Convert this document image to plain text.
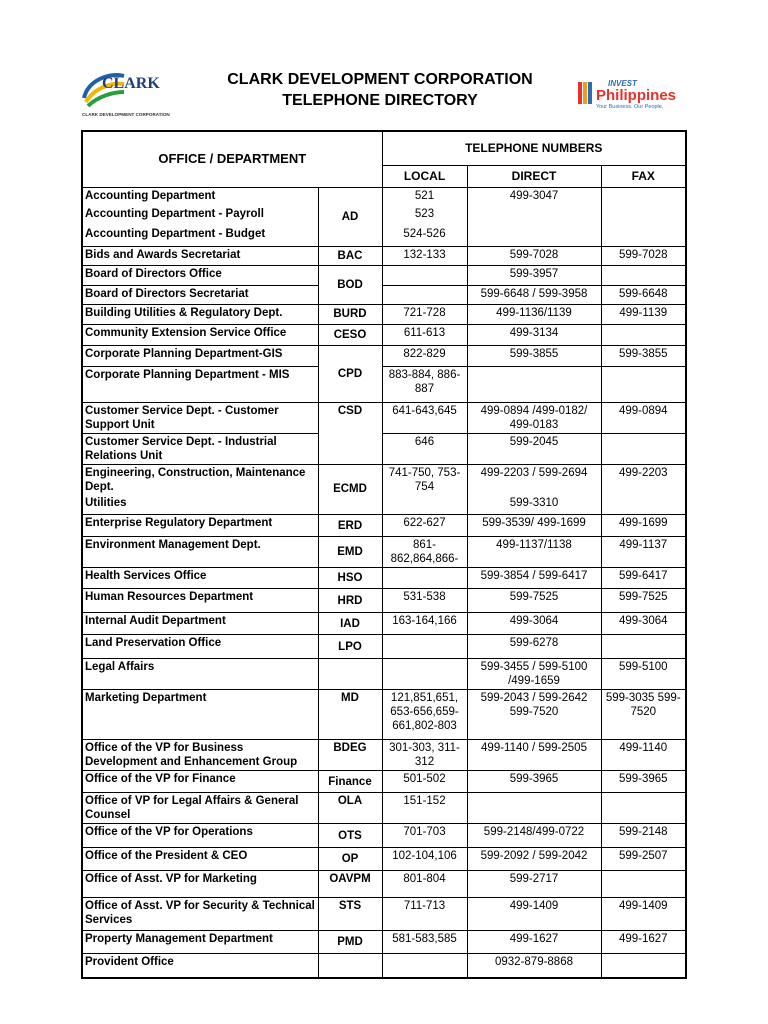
CLARK
CLARK DEVELOPMENT CORPORATION
CLARK DEVELOPMENT CORPORATION
TELEPHONE DIRECTORY
INVEST
Philippines
Your Business. Our People.
OFFICE / DEPARTMENT		TELEPHONE NUMBERS		
		LOCAL	DIRECT	FAX
Accounting Department	AD	521	499-3047	
Accounting Department - Payroll		523		
Accounting Department - Budget		524-526		
Bids and Awards Secretariat	BAC	132-133	599-7028	599-7028
Board of Directors Office	BOD		599-3957	
Board of Directors Secretariat			599-6648 / 599-3958	599-6648
Building Utilities & Regulatory Dept.	BURD	721-728	499-1136/1139	499-1139
Community Extension Service Office	CESO	611-613	499-3134	
Corporate Planning Department-GIS	CPD	822-829	599-3855	599-3855
Corporate Planning Department - MIS		883-884, 886-887		
Customer Service Dept. - Customer Support Unit	CSD	641-643,645	499-0894 /499-0182/ 499-0183	499-0894
Customer Service Dept. - Industrial Relations Unit		646	599-2045	
Engineering, Construction, Maintenance Dept.	ECMD	741-750, 753-754	499-2203 / 599-2694	499-2203
Utilities			599-3310	
Enterprise Regulatory Department	ERD	622-627	599-3539/ 499-1699	499-1699
Environment Management Dept.	EMD	861- 862,864,866-	499-1137/1138	499-1137
Health Services Office	HSO		599-3854 / 599-6417	599-6417
Human Resources Department	HRD	531-538	599-7525	599-7525
Internal Audit Department	IAD	163-164,166	499-3064	499-3064
Land Preservation Office	LPO		599-6278	
Legal Affairs			599-3455 / 599-5100 /499-1659	599-5100
Marketing Department	MD	121,851,651, 653-656,659- 661,802-803	599-2043 / 599-2642 599-7520	599-3035 599-7520
Office of the VP for Business Development and Enhancement Group	BDEG	301-303, 311-312	499-1140 / 599-2505	499-1140
Office of the VP for Finance	Finance	501-502	599-3965	599-3965
Office of VP for Legal Affairs & General Counsel	OLA	151-152		
Office of the VP for Operations	OTS	701-703	599-2148/499-0722	599-2148
Office of the President & CEO	OP	102-104,106	599-2092 / 599-2042	599-2507
Office of Asst. VP for Marketing	OAVPM	801-804	599-2717	
Office of Asst. VP for Security & Technical Services	STS	711-713	499-1409	499-1409
Property Management Department	PMD	581-583,585	499-1627	499-1627
Provident Office			0932-879-8868	
